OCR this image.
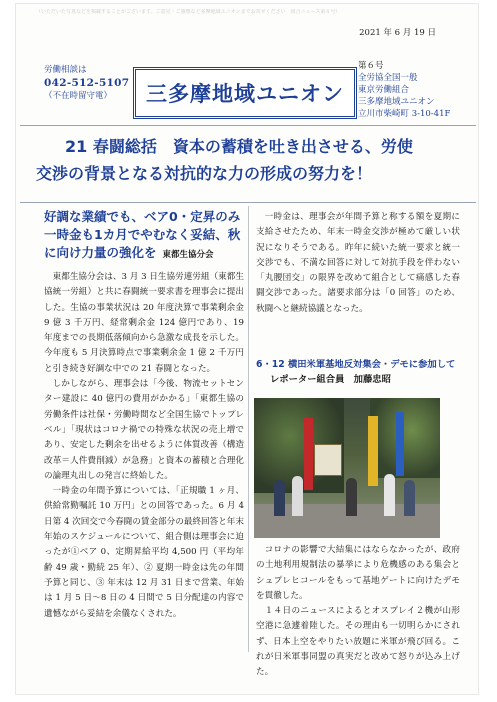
（いただいた写真などを掲載することがございます。ご意見・ご感想など多摩地域ユニオンまでお寄せください　組合ニュース第６号）
2021 年 6 月 19 日
労働相談は
042-512-5107
（不在時留守電）	三多摩地域ユニオン
第６号
全労協全国一般
東京労働組合
三多摩地域ユニオン
立川市柴崎町 3-10-41F
21 春闘総括　資本の蓄積を吐き出させる、労使
交渉の背景となる対抗的な力の形成の努力を！
好調な業績でも、ベア0・定昇のみ
一時金も1カ月でやむなく妥結、秋
に向け力量の強化を 東都生協分会

東都生協分会は、3 月 3 日生協労連労組（東都生協統一労組）と共に春闘統一要求書を理事会に提出した。生協の事業状況は 20 年度決算で事業剰余金 9 億 3 千万円、経常剰余金 124 億円であり、19 年度までの長期低落傾向から急激な成長を示した。今年度も 5 月決算時点で事業剰余金 1 億 2 千万円と引き続き好調な中での 21 春闘となった。

しかしながら、理事会は「今後、物流セットセンター建設に 40 億円の費用がかかる」「東都生協の労働条件は社保・労働時間など全国生協でトップレベル」「現状はコロナ禍での特殊な状況の売上増であり、安定した剰余を出せるように体質改善（構造改革＝人件費削減）が急務」と資本の蓄積と合理化の論理丸出しの発言に終始した。

一時金の年間予算については、「正規職 1 ヶ月、供給常勤嘱託 10 万円」との回答であった。6 月 4 日第 4 次回交で今春闘の賃金部分の最終回答と年末年始のスケジュールについて、組合側は理事会に迫ったが①ベア 0、定期昇給平均 4,500 円（平均年齢 49 歳・勤続 25 年）、② 夏期一時金は先の年間予算と同じ、③ 年末は 12 月 31 日まで営業、年始は 1 月 5 日〜8 日の 4 日間で 5 日分配達の内容で遺憾ながら妥結を余儀なくされた。

一時金は、理事会が年間予算と称する額を夏期に支給させたため、年末一時金交渉が極めて厳しい状況になりそうである。昨年に続いた統一要求と統一交渉でも、不満な回答に対して対抗手段を伴わない「丸腰団交」の限界を改めて組合として痛感した春闘交渉であった。諸要求部分は「0 回答」のため、秋闘へと継続協議となった。

6・12 横田米軍基地反対集会・デモに参加してレポーター組合員　加藤忠昭

コロナの影響で大結集にはならなかったが、政府の土地利用規制法の暴挙により危機感のある集会とシュプレヒコールをもって基地ゲートに向けたデモを貫徹した。

１４日のニュースによるとオスプレイ２機が山形空港に急遽着陸した。その理由も一切明らかにされず、日本上空をやりたい放題に米軍が飛び回る。これが日米軍事同盟の真実だと改めて怒りが込み上げた。
